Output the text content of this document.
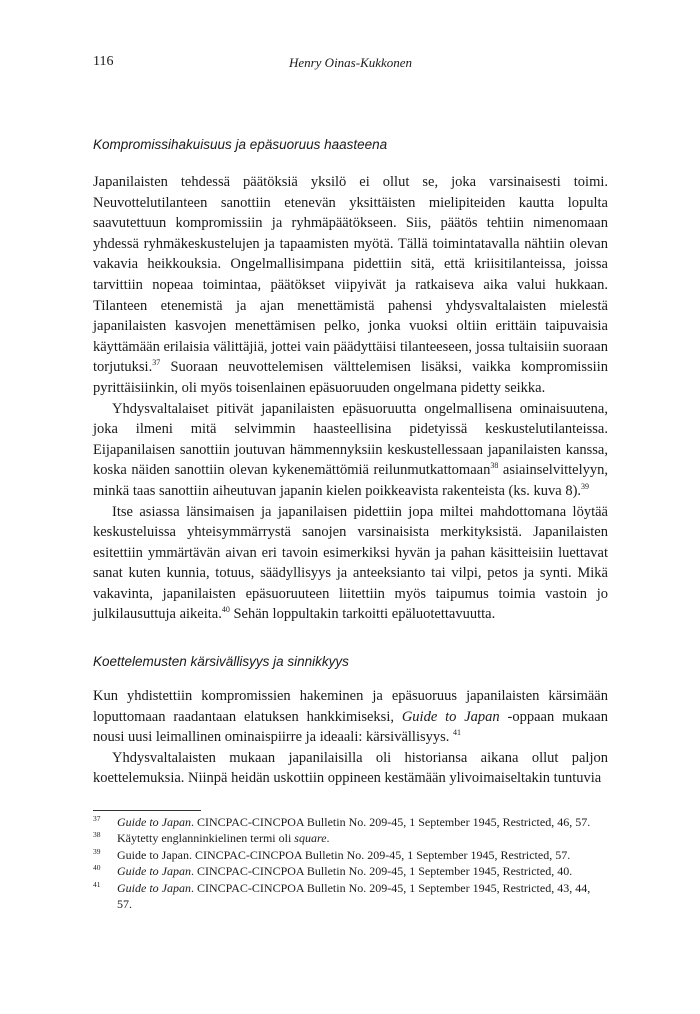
116	Henry Oinas-Kukkonen
Kompromissihakuisuus ja epäsuoruus haasteena

Japanilaisten tehdessä päätöksiä yksilö ei ollut se, joka varsinaisesti toimi. Neuvottelutilanteen sanottiin etenevän yksittäisten mielipiteiden kautta lopulta saavutettuun kompromissiin ja ryhmäpäätökseen. Siis, päätös tehtiin nimenomaan yhdessä ryhmäkeskustelujen ja tapaamisten myötä. Tällä toimintatavalla nähtiin olevan vakavia heikkouksia. Ongelmallisimpana pidettiin sitä, että kriisitilanteissa, joissa tarvittiin nopeaa toimintaa, päätökset viipyivät ja ratkaiseva aika valui hukkaan. Tilanteen etenemistä ja ajan menettämistä pahensi yhdysvaltalaisten mielestä japanilaisten kasvojen menettämisen pelko, jonka vuoksi oltiin erittäin taipuvaisia käyttämään erilaisia välittäjiä, jottei vain päädyttäisi tilanteeseen, jossa tultaisiin suoraan torjutuksi.$^{37}$ Suoraan neuvottelemisen välttelemisen lisäksi, vaikka kompromissiin pyrittäisiinkin, oli myös toisenlainen epäsuoruuden ongelmana pidetty seikka.

Yhdysvaltalaiset pitivät japanilaisten epäsuoruutta ongelmallisena ominaisuutena, joka ilmeni mitä selvimmin haasteellisina pidetyissä keskustelutilanteissa. Eijapanilaisen sanottiin joutuvan hämmennyksiin keskustellessaan japanilaisten kanssa, koska näiden sanottiin olevan kykenemättömiä reilunmutkattomaan$^{38}$ asiainselvittelyyn, minkä taas sanottiin aiheutuvan japanin kielen poikkeavista rakenteista (ks. kuva 8).$^{39}$

Itse asiassa länsimaisen ja japanilaisen pidettiin jopa miltei mahdottomana löytää keskusteluissa yhteisymmärrystä sanojen varsinaisista merkityksistä. Japanilaisten esitettiin ymmärtävän aivan eri tavoin esimerkiksi hyvän ja pahan käsitteisiin luettavat sanat kuten kunnia, totuus, säädyllisyys ja anteeksianto tai vilpi, petos ja synti. Mikä vakavinta, japanilaisten epäsuoruuteen liitettiin myös taipumus toimia vastoin jo julkilausuttuja aikeita.$^{40}$ Sehän loppultakin tarkoitti epäluotettavuutta.

Koettelemusten kärsivällisyys ja sinnikkyys

Kun yhdistettiin kompromissien hakeminen ja epäsuoruus japanilaisten kärsimään loputtomaan raadantaan elatuksen hankkimiseksi, Guide to Japan -oppaan mukaan nousi uusi leimallinen ominaispiirre ja ideaali: kärsivällisyys. $^{41}$

Yhdysvaltalaisten mukaan japanilaisilla oli historiansa aikana ollut paljon koettelemuksia. Niinpä heidän uskottiin oppineen kestämään ylivoimaiseltakin tuntuvia

37 Guide to Japan. CINCPAC-CINCPOA Bulletin No. 209-45, 1 September 1945, Restricted, 46, 57.
38 Käytetty englanninkielinen termi oli square.
39 Guide to Japan. CINCPAC-CINCPOA Bulletin No. 209-45, 1 September 1945, Restricted, 57.
40 Guide to Japan. CINCPAC-CINCPOA Bulletin No. 209-45, 1 September 1945, Restricted, 40.
41 Guide to Japan. CINCPAC-CINCPOA Bulletin No. 209-45, 1 September 1945, Restricted, 43, 44, 57.
